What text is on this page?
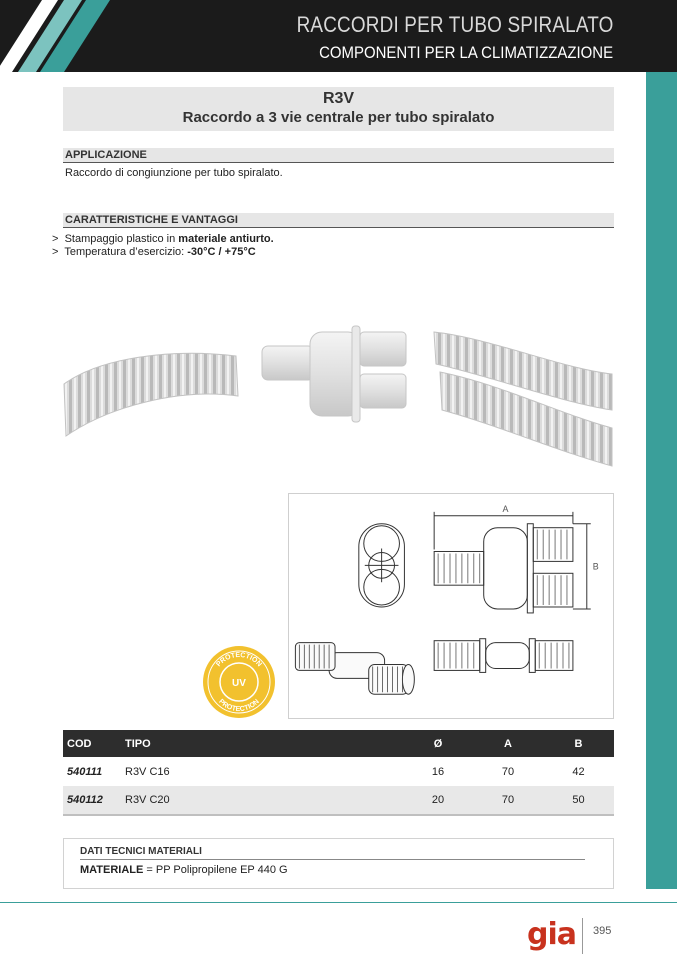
RACCORDI PER TUBO SPIRALATO
COMPONENTI PER LA CLIMATIZZAZIONE
R3V
Raccordo a 3 vie centrale per tubo spiralato
APPLICAZIONE
Raccordo di congiunzione per tubo spiralato.
CARATTERISTICHE E VANTAGGI
> Stampaggio plastico in materiale antiurto.
> Temperatura d’esercizio: -30°C / +75°C
A
B
PROTECTION
PROTECTION
UV
COD	TIPO	Ø	A	B
540111	R3V C16	16	70	42
540112	R3V C20	20	70	50
DATI TECNICI MATERIALI
MATERIALE = PP Polipropilene EP 440 G
gia 395
